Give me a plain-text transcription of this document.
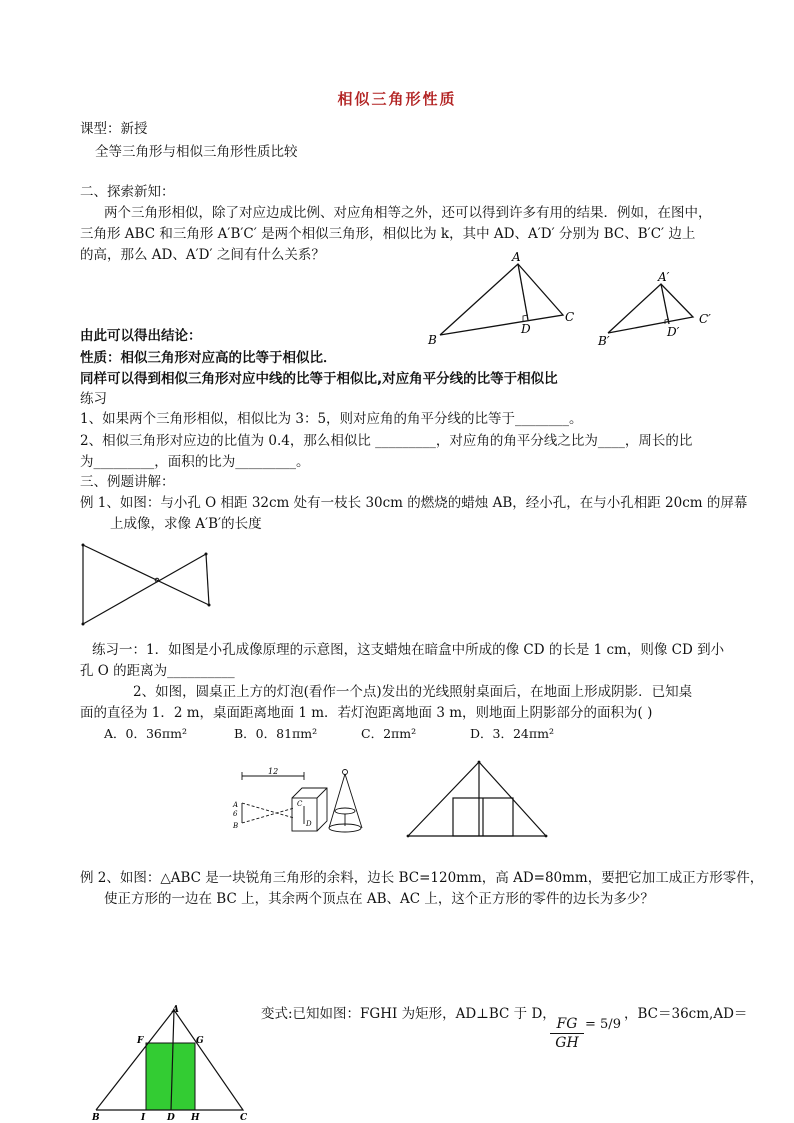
相似三角形性质
课型：新授
全等三角形与相似三角形性质比较
二、探索新知：
两个三角形相似，除了对应边成比例、对应角相等之外，还可以得到许多有用的结果．例如，在图中，
三角形 ABC 和三角形 A′B′C′ 是两个相似三角形，相似比为 k，其中 AD、A′D′ 分别为 BC、B′C′ 边上
的高，那么 AD、A′D′ 之间有什么关系？	A
B
C
D
A′
B′
C′
D′
由此可以得出结论：
性质：相似三角形对应高的比等于相似比．
同样可以得到相似三角形对应中线的比等于相似比,对应角平分线的比等于相似比
练习
1、如果两个三角形相似，相似比为 3：5，则对应角的角平分线的比等于________。
2、相似三角形对应边的比值为 0.4，那么相似比 _________，对应角的角平分线之比为____，周长的比
为_________，面积的比为_________。
三、例题讲解：
例 1、如图：与小孔 O 相距 32cm 处有一枝长 30cm 的燃烧的蜡烛 AB，经小孔，在与小孔相距 20cm 的屏幕
上成像，求像 A′B′的长度
练习一：1．如图是小孔成像原理的示意图，这支蜡烛在暗盒中所成的像 CD 的长是 1 cm，则像 CD 到小
孔 O 的距离为__________
2、如图，圆桌正上方的灯泡(看作一个点)发出的光线照射桌面后，在地面上形成阴影．已知桌
面的直径为 1．2 m，桌面距离地面 1 m．若灯泡距离地面 3 m，则地面上阴影部分的面积为( )
A．0．36πm²	B．0．81πm²	C．2πm²	D．3．24πm²
12
A
6
B
C
D
例 2、如图：△ABC 是一块锐角三角形的余料，边长 BC=120mm，高 AD=80mm，要把它加工成正方形零件，
使正方形的一边在 BC 上，其余两个顶点在 AB、AC 上，这个正方形的零件的边长为多少？
A
F	G
B	I D H	C
变式:已知如图：FGHI 为矩形，AD⊥BC 于 D，
FG
GH
= 5/9
，BC＝36cm,AD＝
